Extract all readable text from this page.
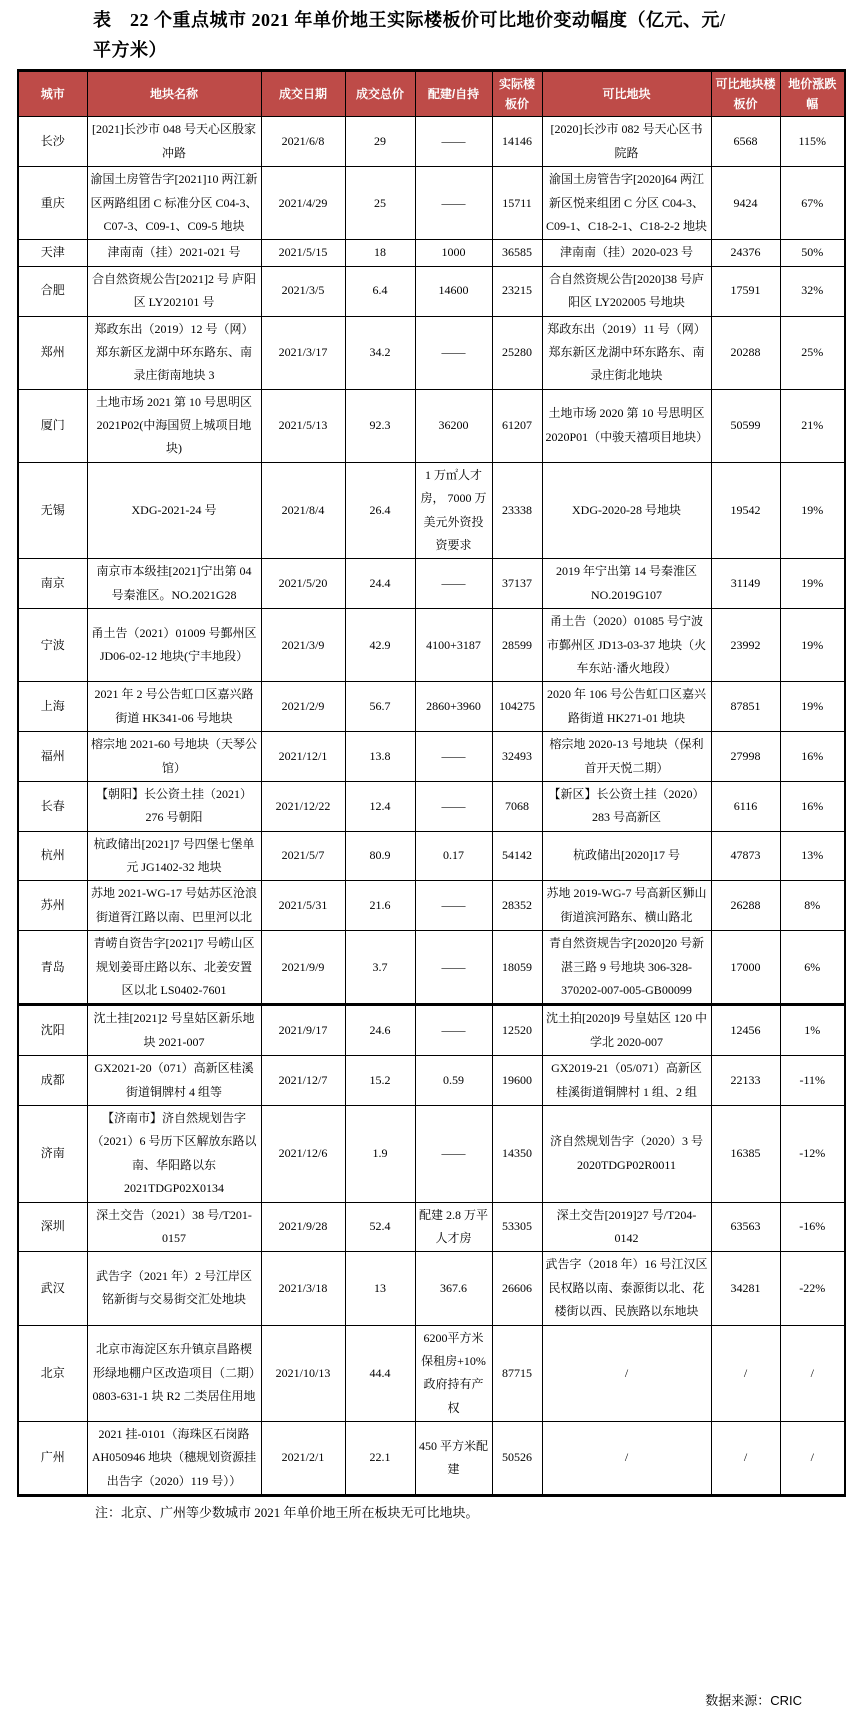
表　22 个重点城市 2021 年单价地王实际楼板价可比地价变动幅度（亿元、元/
平方米）
城市	地块名称	成交日期	成交总价	配建/自持	实际楼板价	可比地块	可比地块楼板价	地价涨跌幅
长沙	[2021]长沙市 048 号天心区殷家冲路	2021/6/8	29	——	14146	[2020]长沙市 082 号天心区书院路	6568	115%
重庆	渝国土房管告字[2021]10 两江新区两路组团 C 标准分区 C04-3、C07-3、C09-1、C09-5 地块	2021/4/29	25	——	15711	渝国土房管告字[2020]64 两江新区悦来组团 C 分区 C04-3、C09-1、C18-2-1、C18-2-2 地块	9424	67%
天津	津南南（挂）2021-021 号	2021/5/15	18	1000	36585	津南南（挂）2020-023 号	24376	50%
合肥	合自然资规公告[2021]2 号 庐阳区 LY202101 号	2021/3/5	6.4	14600	23215	合自然资规公告[2020]38 号庐阳区 LY202005 号地块	17591	32%
郑州	郑政东出（2019）12 号（网）郑东新区龙湖中环东路东、南录庄街南地块 3	2021/3/17	34.2	——	25280	郑政东出（2019）11 号（网）郑东新区龙湖中环东路东、南录庄街北地块	20288	25%
厦门	土地市场 2021 第 10 号思明区 2021P02(中海国贸上城项目地块)	2021/5/13	92.3	36200	61207	土地市场 2020 第 10 号思明区 2020P01（中骏天禧项目地块）	50599	21%
无锡	XDG-2021-24 号	2021/8/4	26.4	1 万㎡人才房， 7000 万美元外资投资要求	23338	XDG-2020-28 号地块	19542	19%
南京	南京市本级挂[2021]宁出第 04 号秦淮区。NO.2021G28	2021/5/20	24.4	——	37137	2019 年宁出第 14 号秦淮区 NO.2019G107	31149	19%
宁波	甬土告（2021）01009 号鄞州区 JD06-02-12 地块(宁丰地段）	2021/3/9	42.9	4100+3187	28599	甬土告（2020）01085 号宁波市鄞州区 JD13-03-37 地块（火车东站·潘火地段）	23992	19%
上海	2021 年 2 号公告虹口区嘉兴路街道 HK341-06 号地块	2021/2/9	56.7	2860+3960	104275	2020 年 106 号公告虹口区嘉兴路街道 HK271-01 地块	87851	19%
福州	榕宗地 2021-60 号地块（天琴公馆）	2021/12/1	13.8	——	32493	榕宗地 2020-13 号地块（保利首开天悦二期）	27998	16%
长春	【朝阳】长公资土挂（2021）276 号朝阳	2021/12/22	12.4	——	7068	【新区】长公资土挂（2020）283 号高新区	6116	16%
杭州	杭政储出[2021]7 号四堡七堡单元 JG1402-32 地块	2021/5/7	80.9	0.17	54142	杭政储出[2020]17 号	47873	13%
苏州	苏地 2021-WG-17 号姑苏区沧浪街道胥江路以南、巴里河以北	2021/5/31	21.6	——	28352	苏地 2019-WG-7 号高新区狮山街道滨河路东、横山路北	26288	8%
青岛	青崂自资告字[2021]7 号崂山区规划姜哥庄路以东、北姜安置区以北 LS0402-7601	2021/9/9	3.7	——	18059	青自然资规告字[2020]20 号新湛三路 9 号地块 306-328-370202-007-005-GB00099	17000	6%
沈阳	沈土挂[2021]2 号皇姑区新乐地块 2021-007	2021/9/17	24.6	——	12520	沈土拍[2020]9 号皇姑区 120 中学北 2020-007	12456	1%
成都	GX2021-20（071）高新区桂溪街道铜牌村 4 组等	2021/12/7	15.2	0.59	19600	GX2019-21（05/071）高新区桂溪街道铜牌村 1 组、2 组	22133	-11%
济南	【济南市】济自然规划告字（2021）6 号历下区解放东路以南、华阳路以东 2021TDGP02X0134	2021/12/6	1.9	——	14350	济自然规划告字（2020）3 号 2020TDGP02R0011	16385	-12%
深圳	深土交告（2021）38 号/T201-0157	2021/9/28	52.4	配建 2.8 万平人才房	53305	深土交告[2019]27 号/T204-0142	63563	-16%
武汉	武告字（2021 年）2 号江岸区铭新街与交易街交汇处地块	2021/3/18	13	367.6	26606	武告字（2018 年）16 号江汉区民权路以南、泰源街以北、花楼街以西、民族路以东地块	34281	-22%
北京	北京市海淀区东升镇京昌路楔形绿地棚户区改造项目（二期）0803-631-1 块 R2 二类居住用地	2021/10/13	44.4	6200平方米保租房+10%政府持有产权	87715	/	/	/
广州	2021 挂-0101（海珠区石岗路 AH050946 地块（穗规划资源挂出告字（2020）119 号））	2021/2/1	22.1	450 平方米配建	50526	/	/	/
注：北京、广州等少数城市 2021 年单价地王所在板块无可比地块。
数据来源：CRIC
